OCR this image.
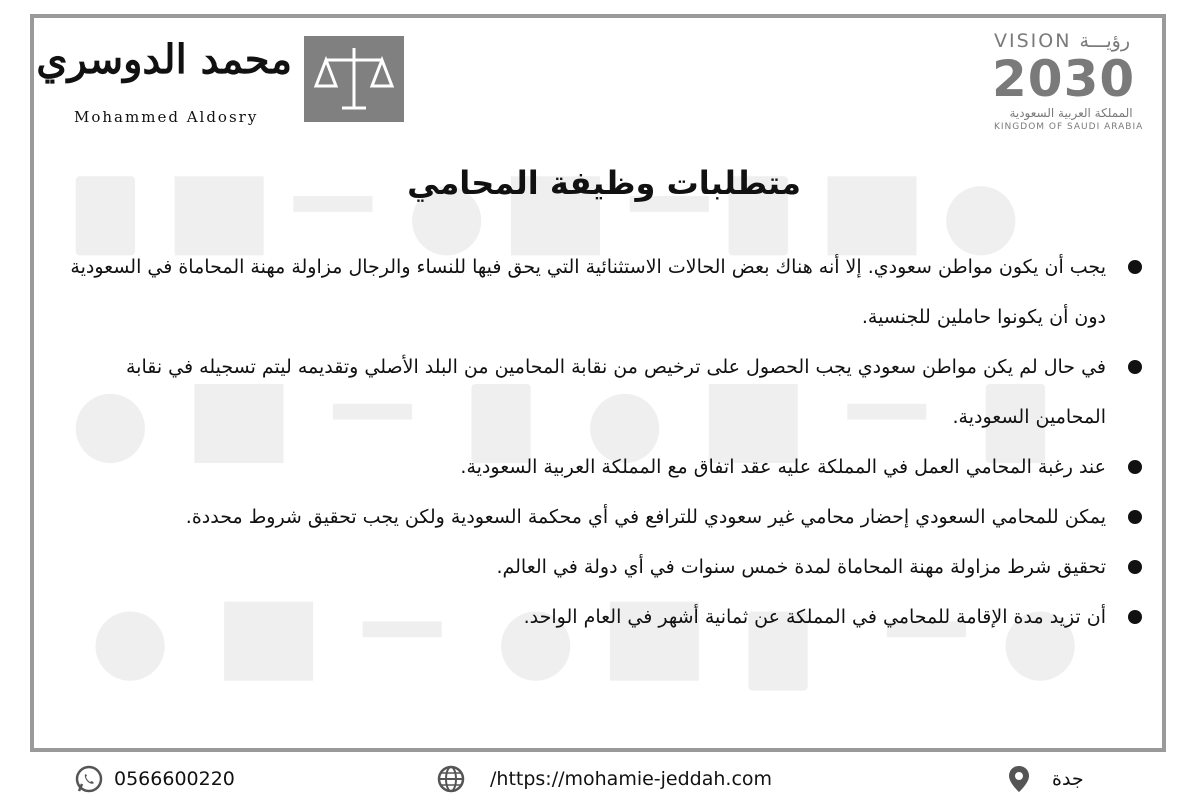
محمد الدوسري
Mohammed Aldosry
VISION رؤيـــة
2030
المملكة العربية السعودية
KINGDOM OF SAUDI ARABIA
متطلبات وظيفة المحامي
يجب أن يكون مواطن سعودي. إلا أنه هناك بعض الحالات الاستثنائية التي يحق فيها للنساء والرجال مزاولة مهنة المحاماة في السعودية دون أن يكونوا حاملين للجنسية.
في حال لم يكن مواطن سعودي يجب الحصول على ترخيص من نقابة المحامين من البلد الأصلي وتقديمه ليتم تسجيله في نقابة المحامين السعودية.
عند رغبة المحامي العمل في المملكة عليه عقد اتفاق مع المملكة العربية السعودية.
يمكن للمحامي السعودي إحضار محامي غير سعودي للترافع في أي محكمة السعودية ولكن يجب تحقيق شروط محددة.
تحقيق شرط مزاولة مهنة المحاماة لمدة خمس سنوات في أي دولة في العالم.
أن تزيد مدة الإقامة للمحامي في المملكة عن ثمانية أشهر في العام الواحد.
0566600220	/https://mohamie-jeddah.com	جدة
